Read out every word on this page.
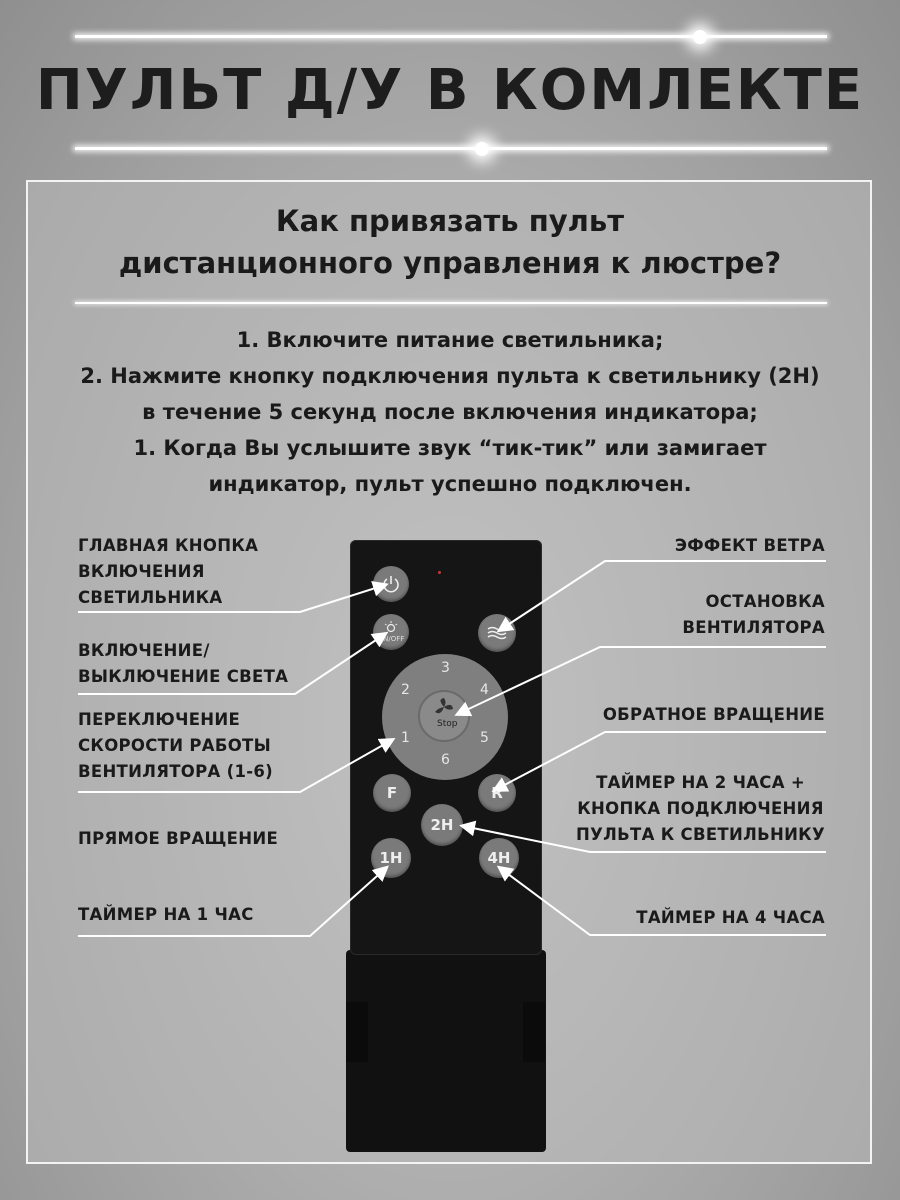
ПУЛЬТ Д/У В КОМЛЕКТЕ
Как привязать пульт
дистанционного управления к люстре?
1. Включите питание светильника;
2. Нажмите кнопку подключения пульта к светильнику (2H)
в течение 5 секунд после включения индикатора;
1. Когда Вы услышите звук “тик-тик” или замигает
индикатор, пульт успешно подключен.
ГЛАВНАЯ КНОПКА
ВКЛЮЧЕНИЯ
СВЕТИЛЬНИКА
ВКЛЮЧЕНИЕ/
ВЫКЛЮЧЕНИЕ СВЕТА
ПЕРЕКЛЮЧЕНИЕ
СКОРОСТИ РАБОТЫ
ВЕНТИЛЯТОРА (1-6)
ПРЯМОЕ ВРАЩЕНИЕ
ТАЙМЕР НА 1 ЧАС
ЭФФЕКТ ВЕТРА
ОСТАНОВКА
ВЕНТИЛЯТОРА
ОБРАТНОЕ ВРАЩЕНИЕ
ТАЙМЕР НА 2 ЧАСА +
КНОПКА ПОДКЛЮЧЕНИЯ
ПУЛЬТА К СВЕТИЛЬНИКУ
ТАЙМЕР НА 4 ЧАСА
ON/OFF
3
2	4
1	5
6
Stop
F	R
2H
1H	4H
